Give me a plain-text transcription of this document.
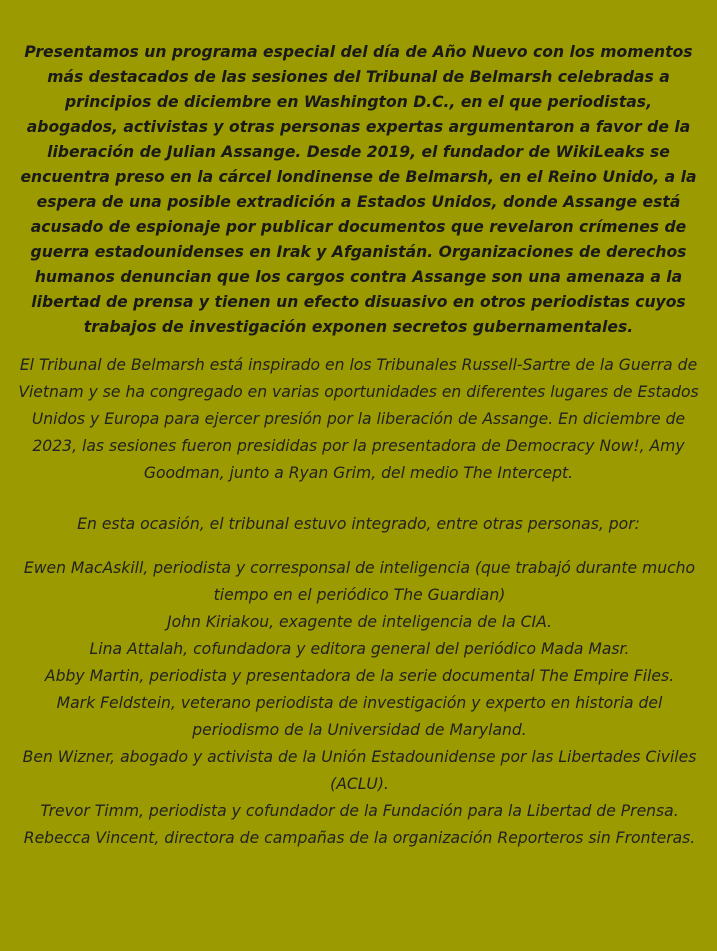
Presentamos un programa especial del día de Año Nuevo con los momentos más destacados de las sesiones del Tribunal de Belmarsh celebradas a principios de diciembre en Washington D.C., en el que periodistas, abogados, activistas y otras personas expertas argumentaron a favor de la liberación de Julian Assange. Desde 2019, el fundador de WikiLeaks se encuentra preso en la cárcel londinense de Belmarsh, en el Reino Unido, a la espera de una posible extradición a Estados Unidos, donde Assange está acusado de espionaje por publicar documentos que revelaron crímenes de guerra estadounidenses en Irak y Afganistán. Organizaciones de derechos humanos denuncian que los cargos contra Assange son una amenaza a la libertad de prensa y tienen un efecto disuasivo en otros periodistas cuyos trabajos de investigación exponen secretos gubernamentales.

El Tribunal de Belmarsh está inspirado en los Tribunales Russell-Sartre de la Guerra de Vietnam y se ha congregado en varias oportunidades en diferentes lugares de Estados Unidos y Europa para ejercer presión por la liberación de Assange. En diciembre de 2023, las sesiones fueron presididas por la presentadora de Democracy Now!, Amy Goodman, junto a Ryan Grim, del medio The Intercept.

En esta ocasión, el tribunal estuvo integrado, entre otras personas, por:

Ewen MacAskill, periodista y corresponsal de inteligencia (que trabajó durante mucho tiempo en el periódico The Guardian)
John Kiriakou, exagente de inteligencia de la CIA.
Lina Attalah, cofundadora y editora general del periódico Mada Masr.
Abby Martin, periodista y presentadora de la serie documental The Empire Files.
Mark Feldstein, veterano periodista de investigación y experto en historia del periodismo de la Universidad de Maryland.
Ben Wizner, abogado y activista de la Unión Estadounidense por las Libertades Civiles (ACLU).
Trevor Timm, periodista y cofundador de la Fundación para la Libertad de Prensa.
Rebecca Vincent, directora de campañas de la organización Reporteros sin Fronteras.
